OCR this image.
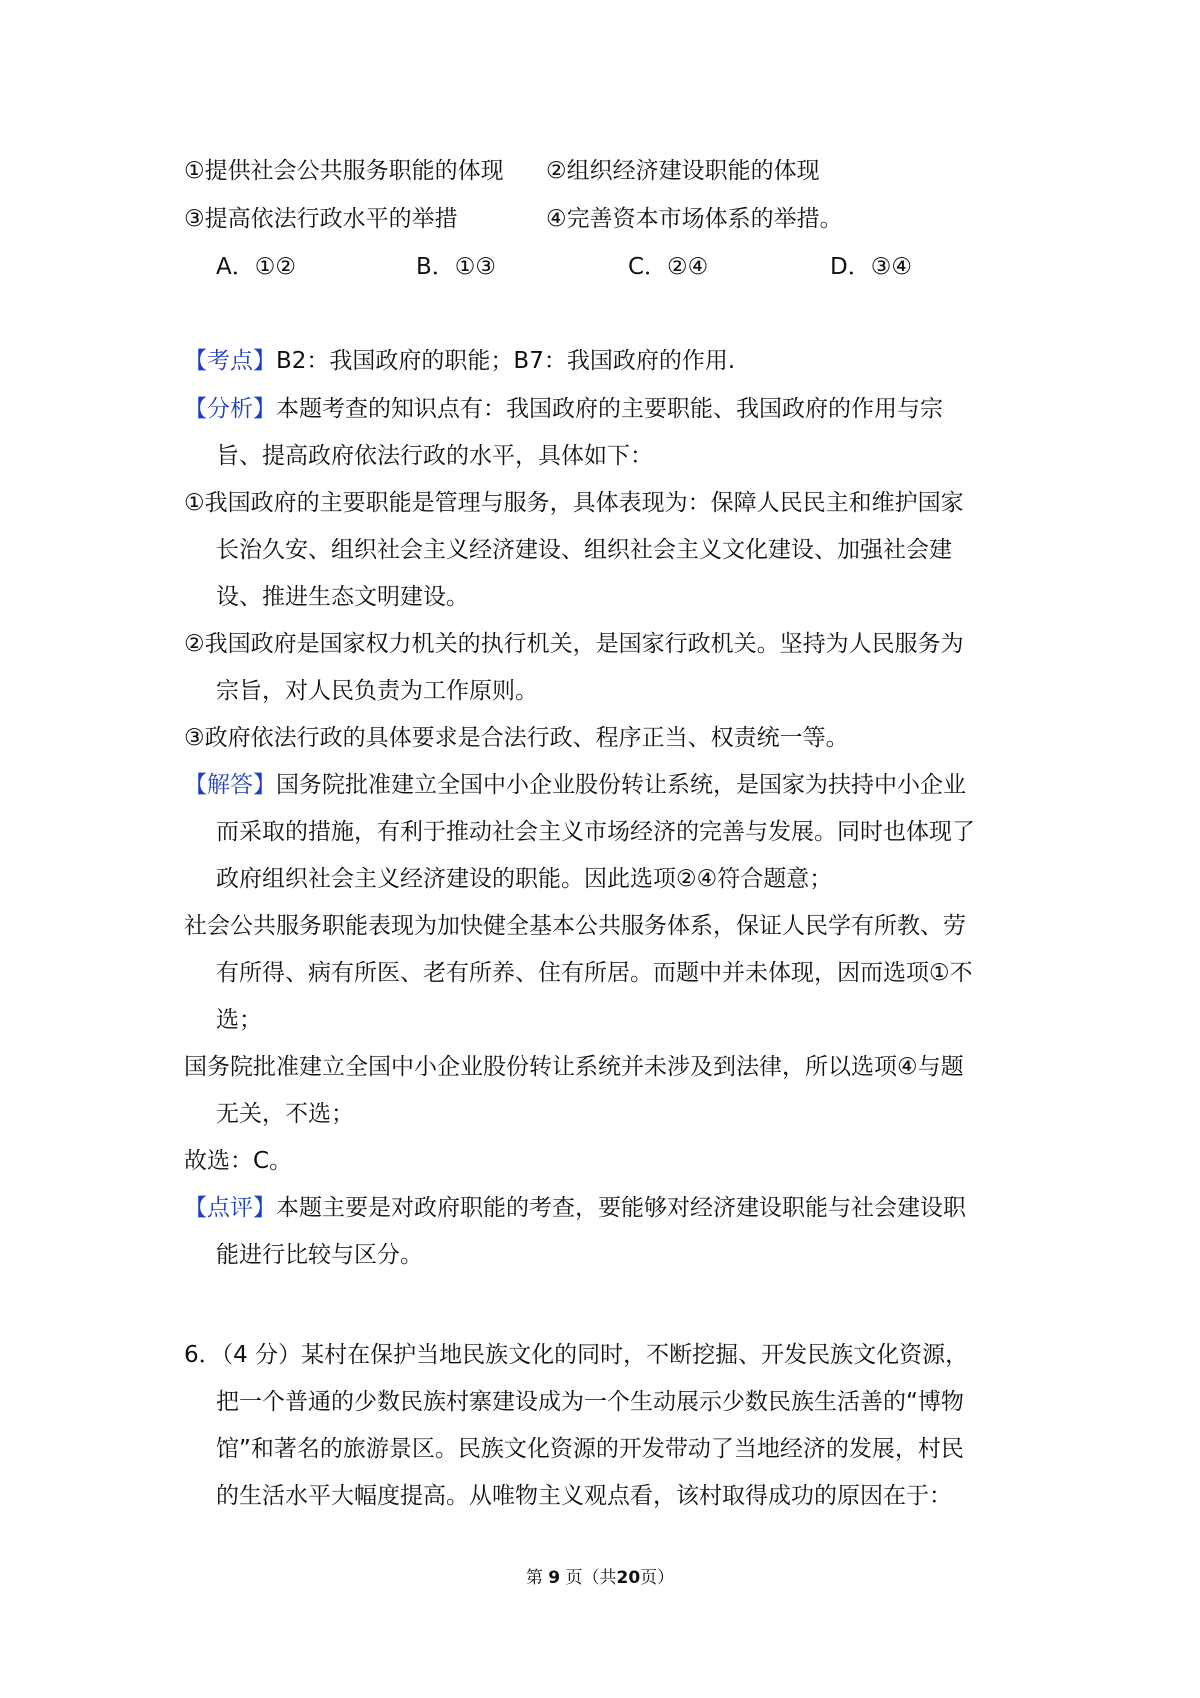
①提供社会公共服务职能的体现 ②组织经济建设职能的体现
③提高依法行政水平的举措	④完善资本市场体系的举措。
A．①②	B．①③	C．②④	D．③④
【考点】B2：我国政府的职能；B7：我国政府的作用.
【分析】本题考查的知识点有：我国政府的主要职能、我国政府的作用与宗
旨、提高政府依法行政的水平，具体如下：
①我国政府的主要职能是管理与服务，具体表现为：保障人民民主和维护国家
长治久安、组织社会主义经济建设、组织社会主义文化建设、加强社会建
设、推进生态文明建设。
②我国政府是国家权力机关的执行机关，是国家行政机关。坚持为人民服务为
宗旨，对人民负责为工作原则。
③政府依法行政的具体要求是合法行政、程序正当、权责统一等。
【解答】国务院批准建立全国中小企业股份转让系统，是国家为扶持中小企业
而采取的措施，有利于推动社会主义市场经济的完善与发展。同时也体现了
政府组织社会主义经济建设的职能。因此选项②④符合题意；
社会公共服务职能表现为加快健全基本公共服务体系，保证人民学有所教、劳
有所得、病有所医、老有所养、住有所居。而题中并未体现，因而选项①不
选；
国务院批准建立全国中小企业股份转让系统并未涉及到法律，所以选项④与题
无关，不选；
故选：C。
【点评】本题主要是对政府职能的考查，要能够对经济建设职能与社会建设职
能进行比较与区分。
6．（4 分）某村在保护当地民族文化的同时，不断挖掘、开发民族文化资源，
把一个普通的少数民族村寨建设成为一个生动展示少数民族生活善的“博物
馆”和著名的旅游景区。民族文化资源的开发带动了当地经济的发展，村民
的生活水平大幅度提高。从唯物主义观点看，该村取得成功的原因在于：
第 9 页（共20页）
